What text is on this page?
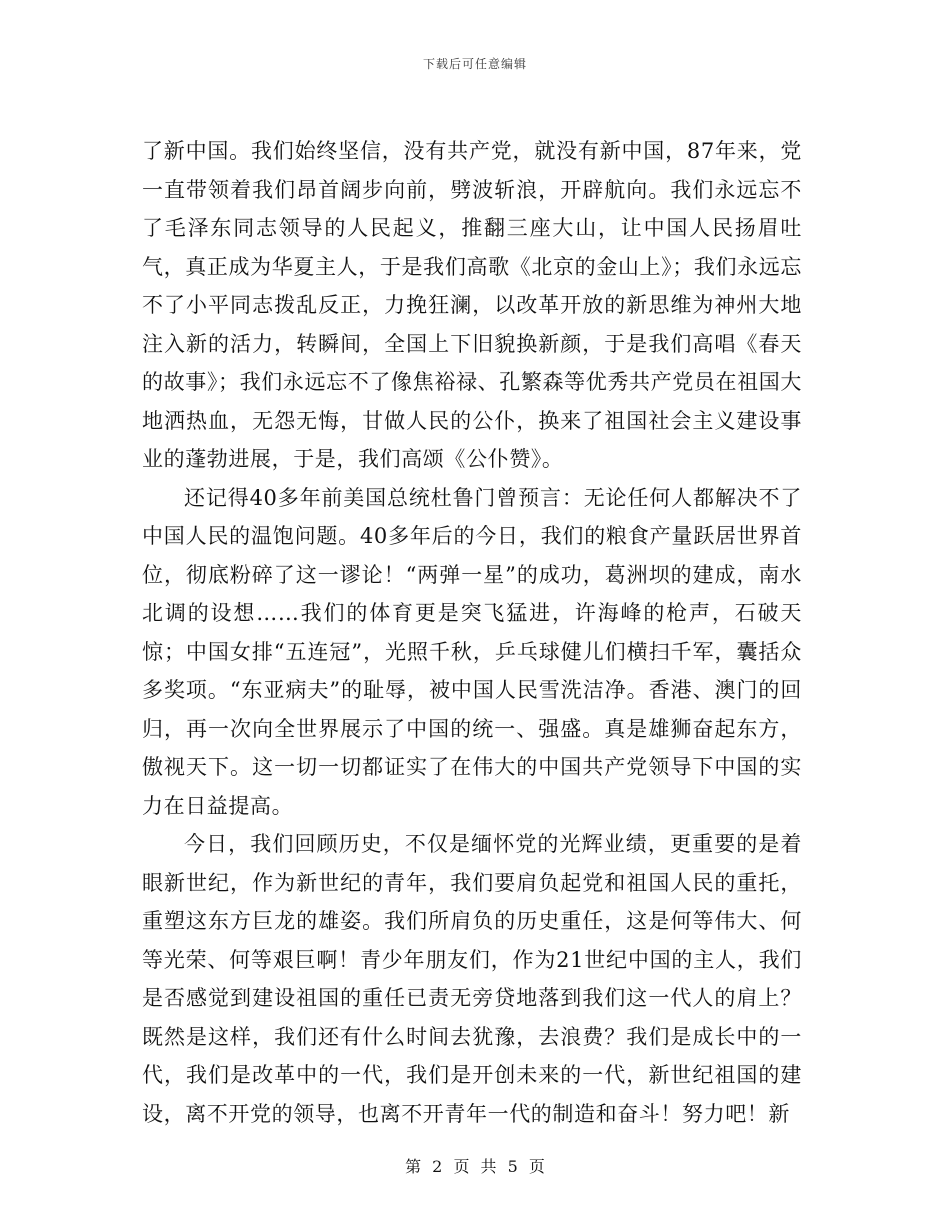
下载后可任意编辑

了新中国。我们始终坚信，没有共产党，就没有新中国，87年来，党一直带领着我们昂首阔步向前，劈波斩浪，开辟航向。我们永远忘不了毛泽东同志领导的人民起义，推翻三座大山，让中国人民扬眉吐气，真正成为华夏主人，于是我们高歌《北京的金山上》；我们永远忘不了小平同志拨乱反正，力挽狂澜，以改革开放的新思维为神州大地注入新的活力，转瞬间，全国上下旧貌换新颜，于是我们高唱《春天的故事》；我们永远忘不了像焦裕禄、孔繁森等优秀共产党员在祖国大地洒热血，无怨无悔，甘做人民的公仆，换来了祖国社会主义建设事业的蓬勃进展，于是，我们高颂《公仆赞》。

还记得40多年前美国总统杜鲁门曾预言：无论任何人都解决不了中国人民的温饱问题。40多年后的今日，我们的粮食产量跃居世界首位，彻底粉碎了这一谬论！“两弹一星”的成功，葛洲坝的建成，南水北调的设想……我们的体育更是突飞猛进，许海峰的枪声，石破天惊；中国女排“五连冠”，光照千秋，乒乓球健儿们横扫千军，囊括众多奖项。“东亚病夫”的耻辱，被中国人民雪洗洁净。香港、澳门的回归，再一次向全世界展示了中国的统一、强盛。真是雄狮奋起东方，傲视天下。这一切一切都证实了在伟大的中国共产党领导下中国的实力在日益提高。

今日，我们回顾历史，不仅是缅怀党的光辉业绩，更重要的是着眼新世纪，作为新世纪的青年，我们要肩负起党和祖国人民的重托，重塑这东方巨龙的雄姿。我们所肩负的历史重任，这是何等伟大、何等光荣、何等艰巨啊！青少年朋友们，作为21世纪中国的主人，我们是否感觉到建设祖国的重任已责无旁贷地落到我们这一代人的肩上？既然是这样，我们还有什么时间去犹豫，去浪费？我们是成长中的一代，我们是改革中的一代，我们是开创未来的一代，新世纪祖国的建设，离不开党的领导，也离不开青年一代的制造和奋斗！努力吧！新

第 2 页 共 5 页
